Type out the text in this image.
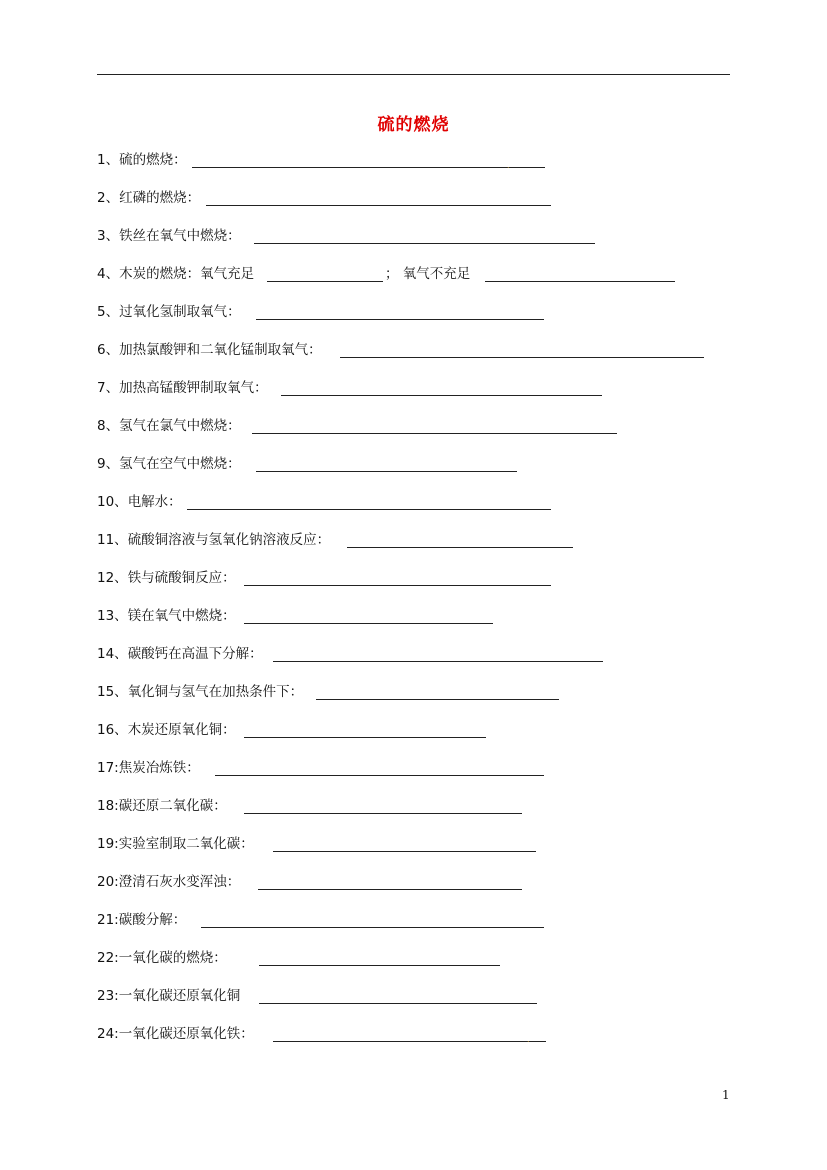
硫的燃烧
1、硫的燃烧：	.
2、红磷的燃烧：
3、铁丝在氧气中燃烧：
4、木炭的燃烧：氧气充足	； 氧气不充足
5、过氧化氢制取氧气：
6、加热氯酸钾和二氧化锰制取氧气：
7、加热高锰酸钾制取氧气：
8、氢气在氯气中燃烧：
9、氢气在空气中燃烧：
10、电解水：
11、硫酸铜溶液与氢氧化钠溶液反应：
12、铁与硫酸铜反应：
13、镁在氧气中燃烧：
14、碳酸钙在高温下分解：
15、氧化铜与氢气在加热条件下：
16、木炭还原氧化铜：
17:焦炭冶炼铁：
18:碳还原二氧化碳：
19:实验室制取二氧化碳：
20:澄清石灰水变浑浊：
21:碳酸分解：
22:一氧化碳的燃烧：
23:一氧化碳还原氧化铜
24:一氧化碳还原氧化铁：	.
1
